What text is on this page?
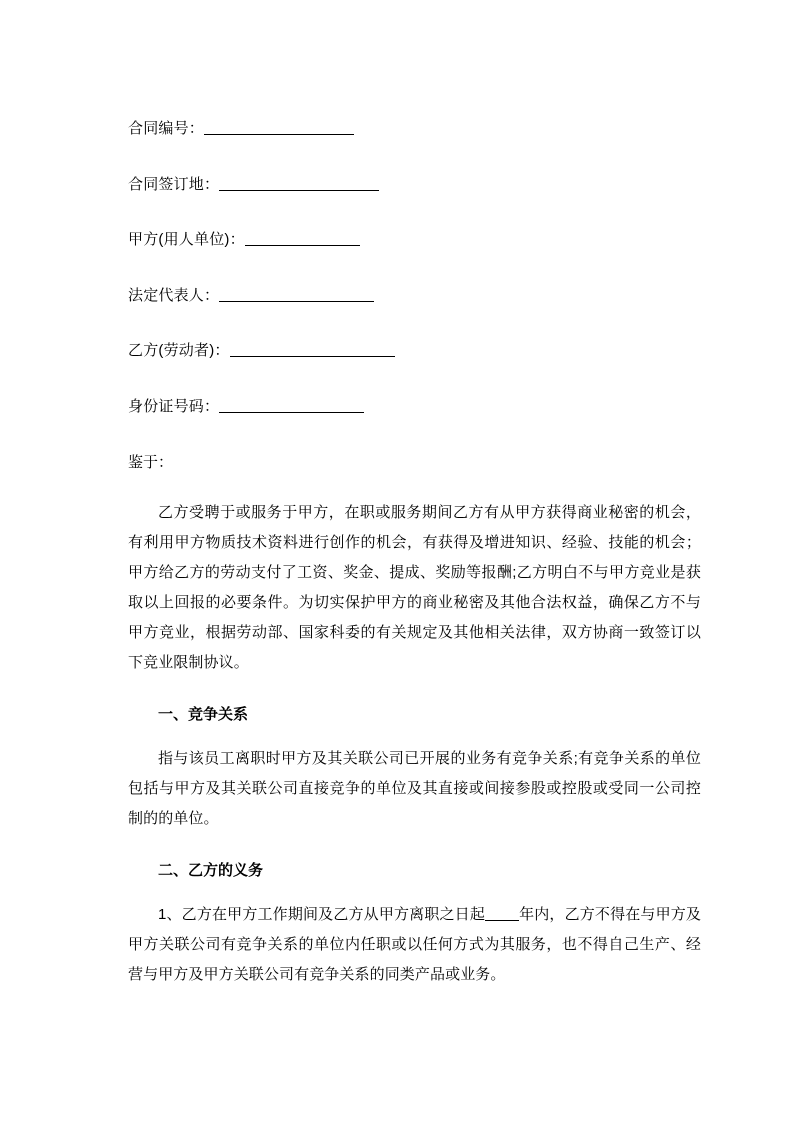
合同编号：
合同签订地：
甲方(用人单位)：
法定代表人：
乙方(劳动者)：
身份证号码：
鉴于：

乙方受聘于或服务于甲方，在职或服务期间乙方有从甲方获得商业秘密的机会，有利用甲方物质技术资料进行创作的机会，有获得及增进知识、经验、技能的机会；甲方给乙方的劳动支付了工资、奖金、提成、奖励等报酬;乙方明白不与甲方竞业是获取以上回报的必要条件。为切实保护甲方的商业秘密及其他合法权益，确保乙方不与甲方竞业，根据劳动部、国家科委的有关规定及其他相关法律，双方协商一致签订以下竞业限制协议。

一、竞争关系

指与该员工离职时甲方及其关联公司已开展的业务有竞争关系;有竞争关系的单位包括与甲方及其关联公司直接竞争的单位及其直接或间接参股或控股或受同一公司控制的的单位。

二、乙方的义务

1、乙方在甲方工作期间及乙方从甲方离职之日起 年内，乙方不得在与甲方及甲方关联公司有竞争关系的单位内任职或以任何方式为其服务，也不得自己生产、经营与甲方及甲方关联公司有竞争关系的同类产品或业务。
